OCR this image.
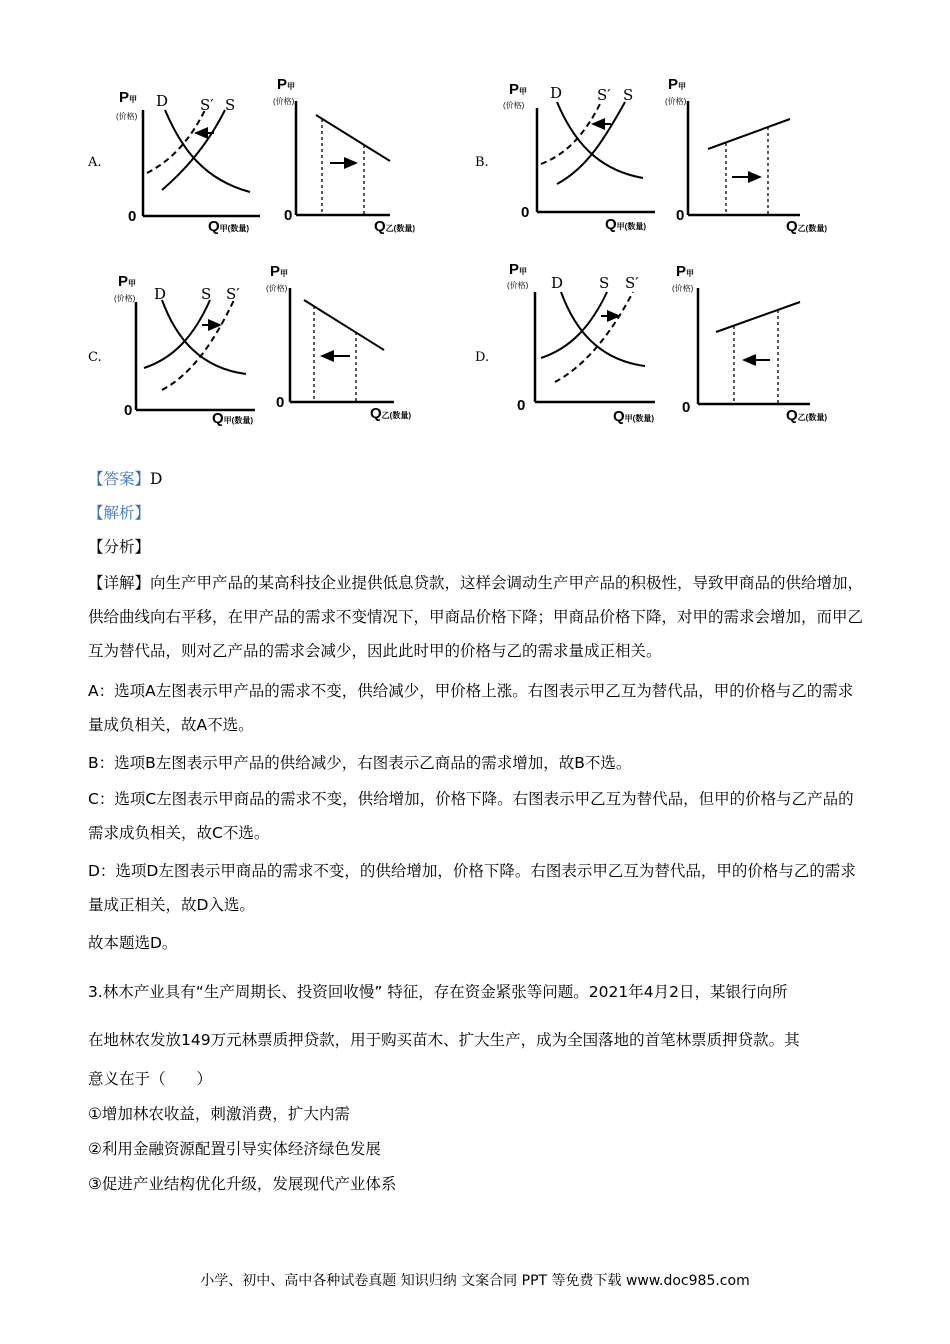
A.	B.
C.	D.
P甲
(价格)
0
Q甲(数量)
D S′ S
P甲
(价格)
0
Q乙(数量)
P甲
(价格)
0
Q甲(数量)
D S′ S
P甲
(价格)
0
Q乙(数量)
P甲
(价格)
0	Q甲(数量)
D S S′
P甲
(价格)
0
Q乙(数量)
P甲
(价格)
0
Q甲(数量)
D S S′
P甲
(价格)
0	Q乙(数量)
【答案】D
【解析】
【分析】
【详解】向生产甲产品的某高科技企业提供低息贷款，这样会调动生产甲产品的积极性，导致甲商品的供给增加，供给曲线向右平移，在甲产品的需求不变情况下，甲商品价格下降；甲商品价格下降，对甲的需求会增加，而甲乙互为替代品，则对乙产品的需求会减少，因此此时甲的价格与乙的需求量成正相关。
A：选项A左图表示甲产品的需求不变，供给减少，甲价格上涨。右图表示甲乙互为替代品，甲的价格与乙的需求量成负相关，故A不选。
B：选项B左图表示甲产品的供给减少，右图表示乙商品的需求增加，故B不选。
C：选项C左图表示甲商品的需求不变，供给增加，价格下降。右图表示甲乙互为替代品，但甲的价格与乙产品的需求成负相关，故C不选。
D：选项D左图表示甲商品的需求不变，的供给增加，价格下降。右图表示甲乙互为替代品，甲的价格与乙的需求量成正相关，故D入选。
故本题选D。
3.林木产业具有“生产周期长、投资回收慢” 特征，存在资金紧张等问题。2021年4月2日，某银行向所
在地林农发放149万元林票质押贷款，用于购买苗木、扩大生产，成为全国落地的首笔林票质押贷款。其
意义在于（　　）
①增加林农收益，刺激消费，扩大内需
②利用金融资源配置引导实体经济绿色发展
③促进产业结构优化升级，发展现代产业体系
小学、初中、高中各种试卷真题 知识归纳 文案合同 PPT 等免费下载 www.doc985.com
